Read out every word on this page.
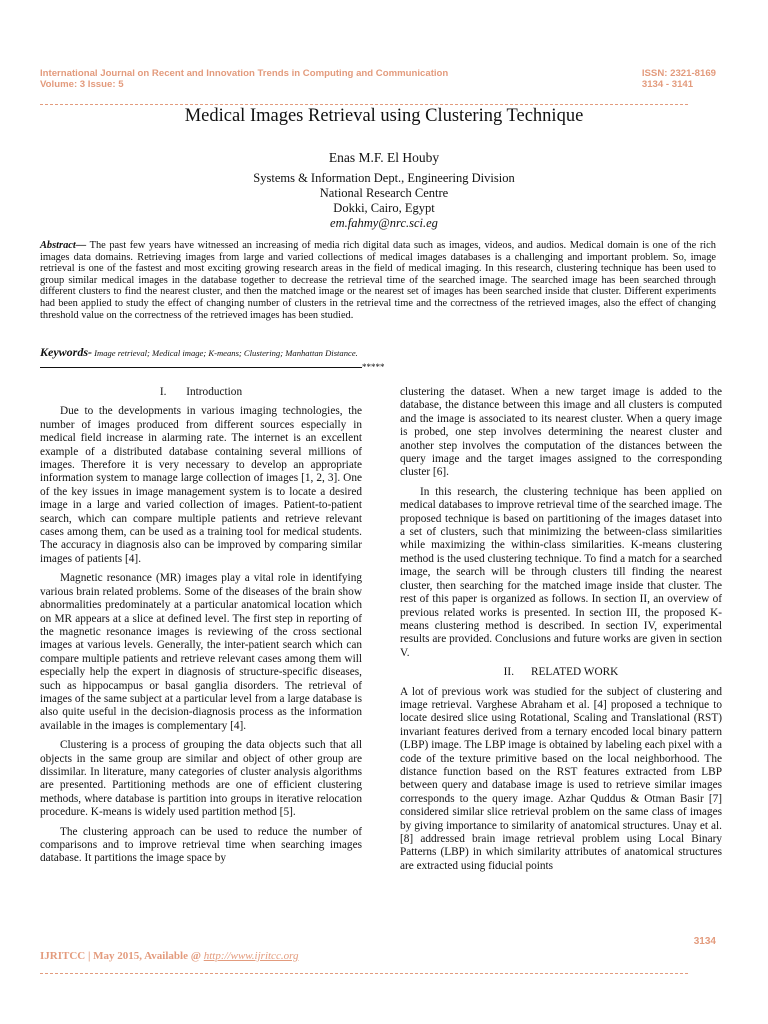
International Journal on Recent and Innovation Trends in Computing and Communication
Volume: 3 Issue: 5
ISSN: 2321-8169
3134 - 3141
Medical Images Retrieval using Clustering Technique
Enas M.F. El Houby
Systems & Information Dept., Engineering Division
National Research Centre
Dokki, Cairo, Egypt
em.fahmy@nrc.sci.eg
Abstract— The past few years have witnessed an increasing of media rich digital data such as images, videos, and audios. Medical domain is one of the rich images data domains. Retrieving images from large and varied collections of medical images databases is a challenging and important problem. So, image retrieval is one of the fastest and most exciting growing research areas in the field of medical imaging. In this research, clustering technique has been used to group similar medical images in the database together to decrease the retrieval time of the searched image. The searched image has been searched through different clusters to find the nearest cluster, and then the matched image or the nearest set of images has been searched inside that cluster. Different experiments had been applied to study the effect of changing number of clusters in the retrieval time and the correctness of the retrieved images, also the effect of changing threshold value on the correctness of the retrieved images has been studied.
Keywords- Image retrieval; Medical image; K-means; Clustering; Manhattan Distance.
*****
I.       Introduction

Due to the developments in various imaging technologies, the number of images produced from different sources especially in medical field increase in alarming rate. The internet is an excellent example of a distributed database containing several millions of images. Therefore it is very necessary to develop an appropriate information system to manage large collection of images [1, 2, 3]. One of the key issues in image management system is to locate a desired image in a large and varied collection of images. Patient-to-patient search, which can compare multiple patients and retrieve relevant cases among them, can be used as a training tool for medical students. The accuracy in diagnosis also can be improved by comparing similar images of patients [4].

Magnetic resonance (MR) images play a vital role in identifying various brain related problems. Some of the diseases of the brain show abnormalities predominately at a particular anatomical location which on MR appears at a slice at defined level. The first step in reporting of the magnetic resonance images is reviewing of the cross sectional images at various levels. Generally, the inter-patient search which can compare multiple patients and retrieve relevant cases among them will especially help the expert in diagnosis of structure-specific diseases, such as hippocampus or basal ganglia disorders. The retrieval of images of the same subject at a particular level from a large database is also quite useful in the decision-diagnosis process as the information available in the images is complementary [4].

Clustering is a process of grouping the data objects such that all objects in the same group are similar and object of other group are dissimilar. In literature, many categories of cluster analysis algorithms are presented. Partitioning methods are one of efficient clustering methods, where database is partition into groups in iterative relocation procedure. K-means is widely used partition method [5].

The clustering approach can be used to reduce the number of comparisons and to improve retrieval time when searching images database. It partitions the image space by

clustering the dataset. When a new target image is added to the database, the distance between this image and all clusters is computed and the image is associated to its nearest cluster. When a query image is probed, one step involves determining the nearest cluster and another step involves the computation of the distances between the query image and the target images assigned to the corresponding cluster [6].

In this research, the clustering technique has been applied on medical databases to improve retrieval time of the searched image. The proposed technique is based on partitioning of the images dataset into a set of clusters, such that minimizing the between-class similarities while maximizing the within-class similarities. K-means clustering method is the used clustering technique. To find a match for a searched image, the search will be through clusters till finding the nearest cluster, then searching for the matched image inside that cluster. The rest of this paper is organized as follows. In section II, an overview of previous related works is presented. In section III, the proposed K-means clustering method is described. In section IV, experimental results are provided. Conclusions and future works are given in section V.

II.      RELATED WORK

A lot of previous work was studied for the subject of clustering and image retrieval. Varghese Abraham et al. [4] proposed a technique to locate desired slice using Rotational, Scaling and Translational (RST) invariant features derived from a ternary encoded local binary pattern (LBP) image. The LBP image is obtained by labeling each pixel with a code of the texture primitive based on the local neighborhood. The distance function based on the RST features extracted from LBP between query and database image is used to retrieve similar images corresponds to the query image. Azhar Quddus & Otman Basir [7] considered similar slice retrieval problem on the same class of images by giving importance to similarity of anatomical structures. Unay et al. [8] addressed brain image retrieval problem using Local Binary Patterns (LBP) in which similarity attributes of anatomical structures are extracted using fiducial points

3134
IJRITCC | May 2015, Available @ http://www.ijritcc.org
